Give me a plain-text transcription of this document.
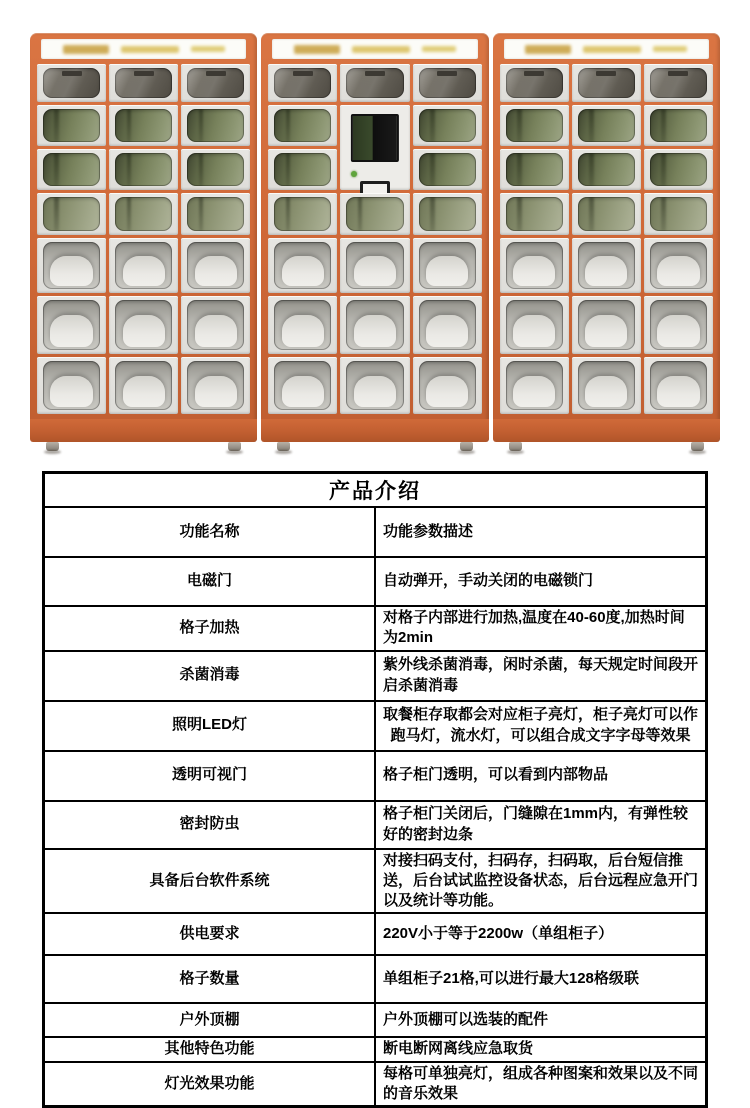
产品介绍	
功能名称	功能参数描述
电磁门	自动弹开，手动关闭的电磁锁门
格子加热	对格子内部进行加热,温度在40-60度,加热时间为2min
杀菌消毒	紫外线杀菌消毒，闲时杀菌，每天规定时间段开启杀菌消毒
照明LED灯	取餐柜存取都会对应柜子亮灯，柜子亮灯可以作跑马灯，流水灯，可以组合成文字字母等效果
透明可视门	格子柜门透明，可以看到内部物品
密封防虫	格子柜门关闭后，门缝隙在1mm内，有弹性较好的密封边条
具备后台软件系统	对接扫码支付，扫码存，扫码取，后台短信推送，后台试试监控设备状态，后台远程应急开门以及统计等功能。
供电要求	220V小于等于2200w（单组柜子）
格子数量	单组柜子21格,可以进行最大128格级联
户外顶棚	户外顶棚可以选装的配件
其他特色功能	断电断网离线应急取货
灯光效果功能	每格可单独亮灯，组成各种图案和效果以及不同的音乐效果
